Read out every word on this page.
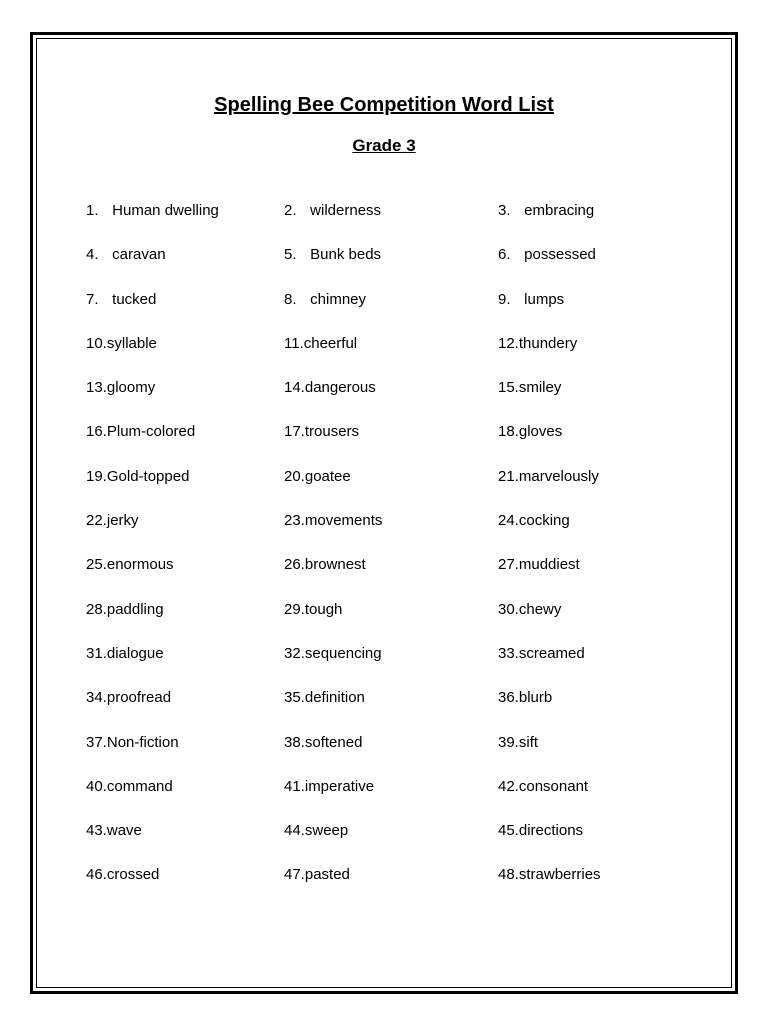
Spelling Bee Competition Word List
Grade 3
1. Human dwelling	2. wilderness	3. embracing
4. caravan	5. Bunk beds	6. possessed
7. tucked	8. chimney	9. lumps
10.syllable	11.cheerful	12.thundery
13.gloomy	14.dangerous	15.smiley
16.Plum-colored	17.trousers	18.gloves
19.Gold-topped	20.goatee	21.marvelously
22.jerky	23.movements	24.cocking
25.enormous	26.brownest	27.muddiest
28.paddling	29.tough	30.chewy
31.dialogue	32.sequencing	33.screamed
34.proofread	35.definition	36.blurb
37.Non-fiction	38.softened	39.sift
40.command	41.imperative	42.consonant
43.wave	44.sweep	45.directions
46.crossed	47.pasted	48.strawberries
